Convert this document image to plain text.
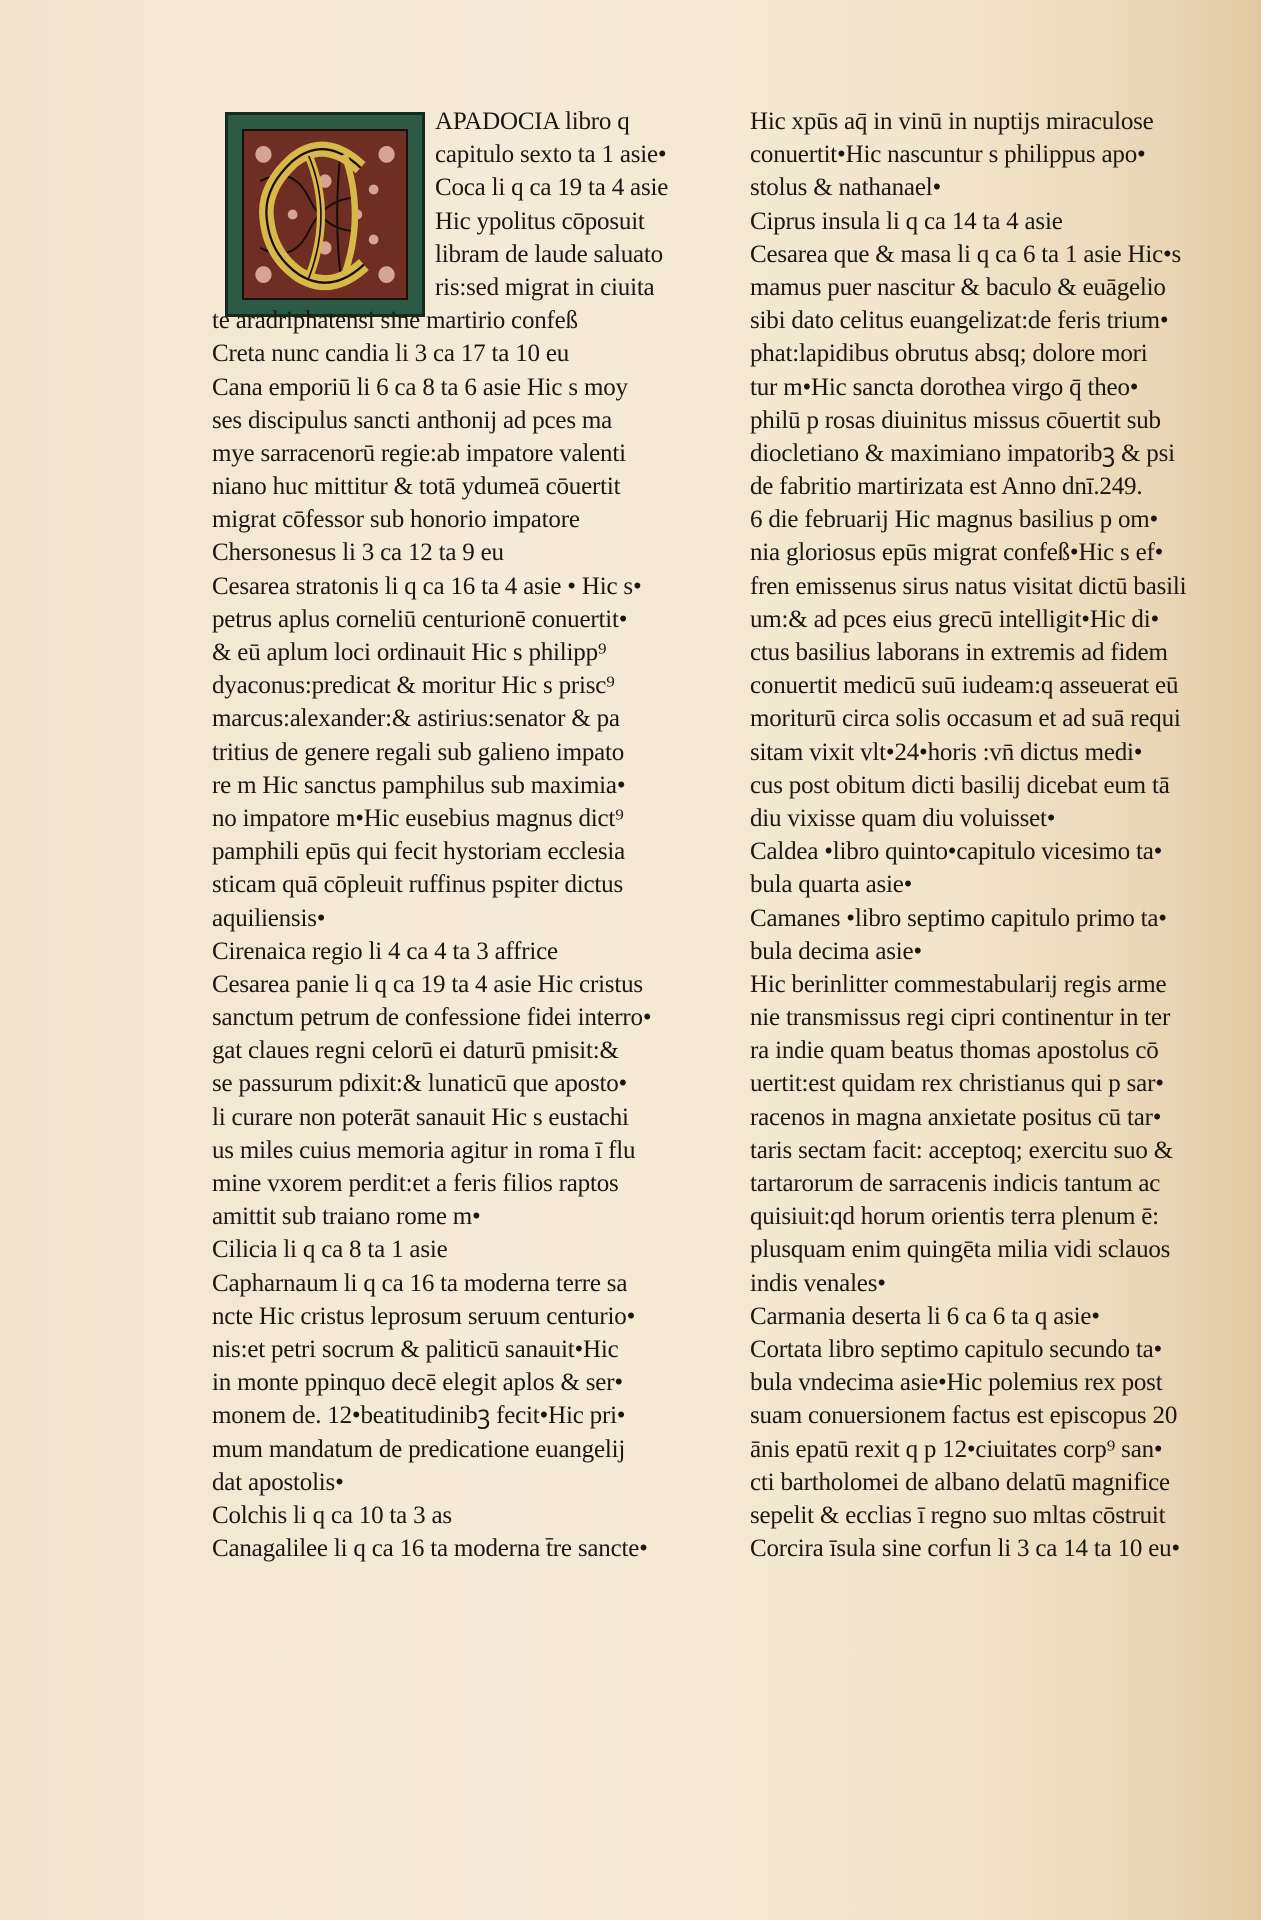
APADOCIA libro q
capitulo sexto ta 1 asie•
Coca li q ca 19 ta 4 asie
Hic ypolitus cōposuit
libram de laude saluato
ris:sed migrat in ciuita
te aradriphatensi sine martirio confeß
Creta nunc candia li 3 ca 17 ta 10 eu
Cana emporiū li 6 ca 8 ta 6 asie Hic s moy
ses discipulus sancti anthonij ad pces ma
mye sarracenorū regie:ab impatore valenti
niano huc mittitur & totā ydumeā cōuertit
migrat cōfessor sub honorio impatore
Chersonesus li 3 ca 12 ta 9 eu
Cesarea stratonis li q ca 16 ta 4 asie • Hic s•
petrus aplus corneliū centurionē conuertit•
& eū aplum loci ordinauit Hic s philipp⁹
dyaconus:predicat & moritur Hic s prisc⁹
marcus:alexander:& astirius:senator & pa
tritius de genere regali sub galieno impato
re m Hic sanctus pamphilus sub maximia•
no impatore m•Hic eusebius magnus dict⁹
pamphili epūs qui fecit hystoriam ecclesia
sticam quā cōpleuit ruffinus pspiter dictus
aquiliensis•
Cirenaica regio li 4 ca 4 ta 3 affrice
Cesarea panie li q ca 19 ta 4 asie Hic cristus
sanctum petrum de confessione fidei interro•
gat claues regni celorū ei daturū pmisit:&
se passurum pdixit:& lunaticū que aposto•
li curare non poterāt sanauit Hic s eustachi
us miles cuius memoria agitur in roma ī flu
mine vxorem perdit:et a feris filios raptos
amittit sub traiano rome m•
Cilicia li q ca 8 ta 1 asie
Capharnaum li q ca 16 ta moderna terre sa
ncte Hic cristus leprosum seruum centurio•
nis:et petri socrum & paliticū sanauit•Hic
in monte ppinquo decē elegit aplos & ser•
monem de. 12•beatitudinibꝫ fecit•Hic pri•
mum mandatum de predicatione euangelij
dat apostolis•
Colchis li q ca 10 ta 3 as
Canagalilee li q ca 16 ta moderna t̄re sancte•
Hic xpūs aq̄ in vinū in nuptijs miraculose
conuertit•Hic nascuntur s philippus apo•
stolus & nathanael•
Ciprus insula li q ca 14 ta 4 asie
Cesarea que & masa li q ca 6 ta 1 asie Hic•s
mamus puer nascitur & baculo & euāgelio
sibi dato celitus euangelizat:de feris trium•
phat:lapidibus obrutus absq; dolore mori
tur m•Hic sancta dorothea virgo q̄ theo•
philū p rosas diuinitus missus cōuertit sub
diocletiano & maximiano impatoribꝫ & psi
de fabritio martirizata est Anno dnī.249.
6 die februarij Hic magnus basilius p om•
nia gloriosus epūs migrat confeß•Hic s ef•
fren emissenus sirus natus visitat dictū basili
um:& ad pces eius grecū intelligit•Hic di•
ctus basilius laborans in extremis ad fidem
conuertit medicū suū iudeam:q asseuerat eū
moriturū circa solis occasum et ad suā requi
sitam vixit vlt•24•horis :vn̄ dictus medi•
cus post obitum dicti basilij dicebat eum tā
diu vixisse quam diu voluisset•
Caldea •libro quinto•capitulo vicesimo ta•
bula quarta asie•
Camanes •libro septimo capitulo primo ta•
bula decima asie•
Hic berinlitter commestabularij regis arme
nie transmissus regi cipri continentur in ter
ra indie quam beatus thomas apostolus cō
uertit:est quidam rex christianus qui p sar•
racenos in magna anxietate positus cū tar•
taris sectam facit: acceptoq; exercitu suo &
tartarorum de sarracenis indicis tantum ac
quisiuit:qd horum orientis terra plenum ē:
plusquam enim quingēta milia vidi sclauos
indis venales•
Carmania deserta li 6 ca 6 ta q asie•
Cortata libro septimo capitulo secundo ta•
bula vndecima asie•Hic polemius rex post
suam conuersionem factus est episcopus 20
ānis epatū rexit q p 12•ciuitates corp⁹ san•
cti bartholomei de albano delatū magnifice
sepelit & ecclias ī regno suo mltas cōstruit
Corcira īsula sine corfun li 3 ca 14 ta 10 eu•
